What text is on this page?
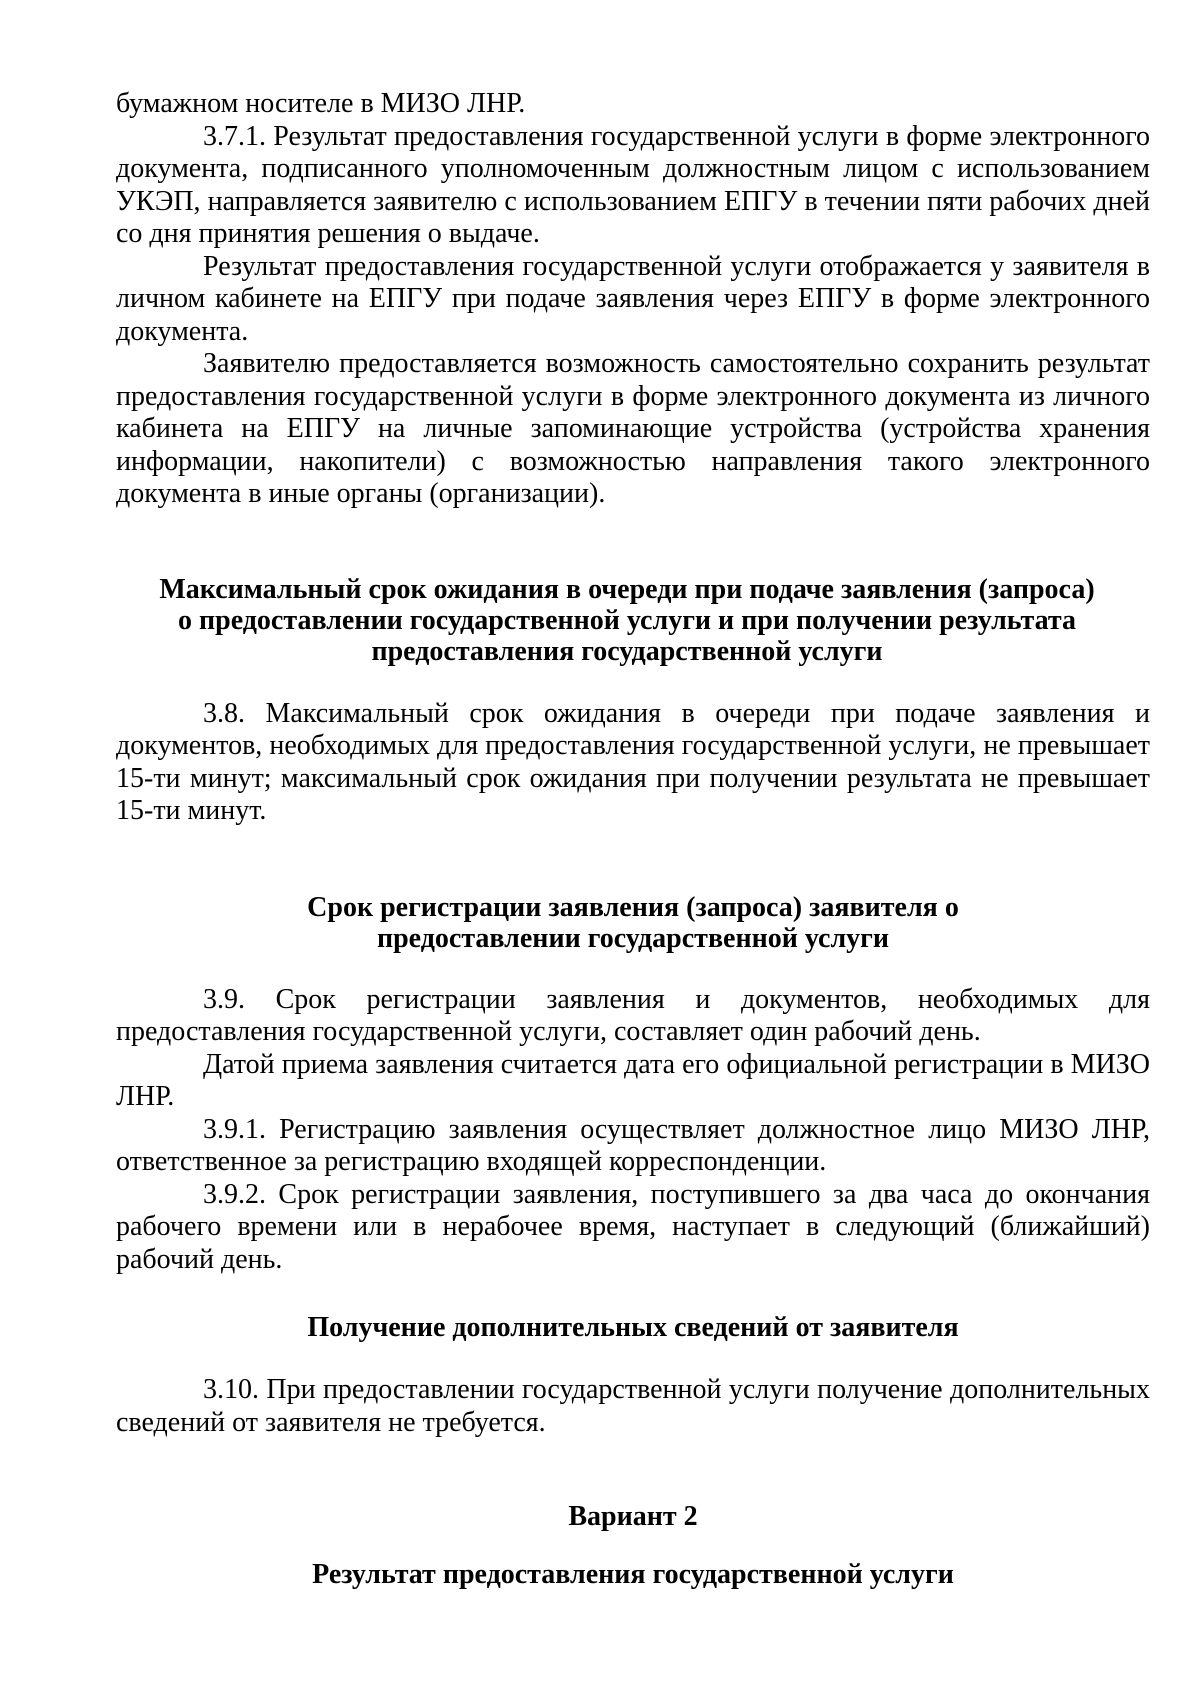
бумажном носителе в МИЗО ЛНР.

3.7.1. Результат предоставления государственной услуги в форме электронного документа, подписанного уполномоченным должностным лицом с использованием УКЭП, направляется заявителю с использованием ЕПГУ в течении пяти рабочих дней со дня принятия решения о выдаче.

Результат предоставления государственной услуги отображается у заявителя в личном кабинете на ЕПГУ при подаче заявления через ЕПГУ в форме электронного документа.

Заявителю предоставляется возможность самостоятельно сохранить результат предоставления государственной услуги в форме электронного документа из личного кабинета на ЕПГУ на личные запоминающие устройства (устройства хранения информации, накопители) с возможностью направления такого электронного документа в иные органы (организации).

Максимальный срок ожидания в очереди при подаче заявления (запроса) о предоставлении государственной услуги и при получении результата предоставления государственной услуги

3.8. Максимальный срок ожидания в очереди при подаче заявления и документов, необходимых для предоставления государственной услуги, не превышает 15-ти минут; максимальный срок ожидания при получении результата не превышает 15-ти минут.

Срок регистрации заявления (запроса) заявителя о предоставлении государственной услуги

3.9. Срок регистрации заявления и документов, необходимых для предоставления государственной услуги, составляет один рабочий день.

Датой приема заявления считается дата его официальной регистрации в МИЗО ЛНР.

3.9.1. Регистрацию заявления осуществляет должностное лицо МИЗО ЛНР, ответственное за регистрацию входящей корреспонденции.

3.9.2. Срок регистрации заявления, поступившего за два часа до окончания рабочего времени или в нерабочее время, наступает в следующий (ближайший) рабочий день.

Получение дополнительных сведений от заявителя

3.10. При предоставлении государственной услуги получение дополнительных сведений от заявителя не требуется.

Вариант 2
Результат предоставления государственной услуги
